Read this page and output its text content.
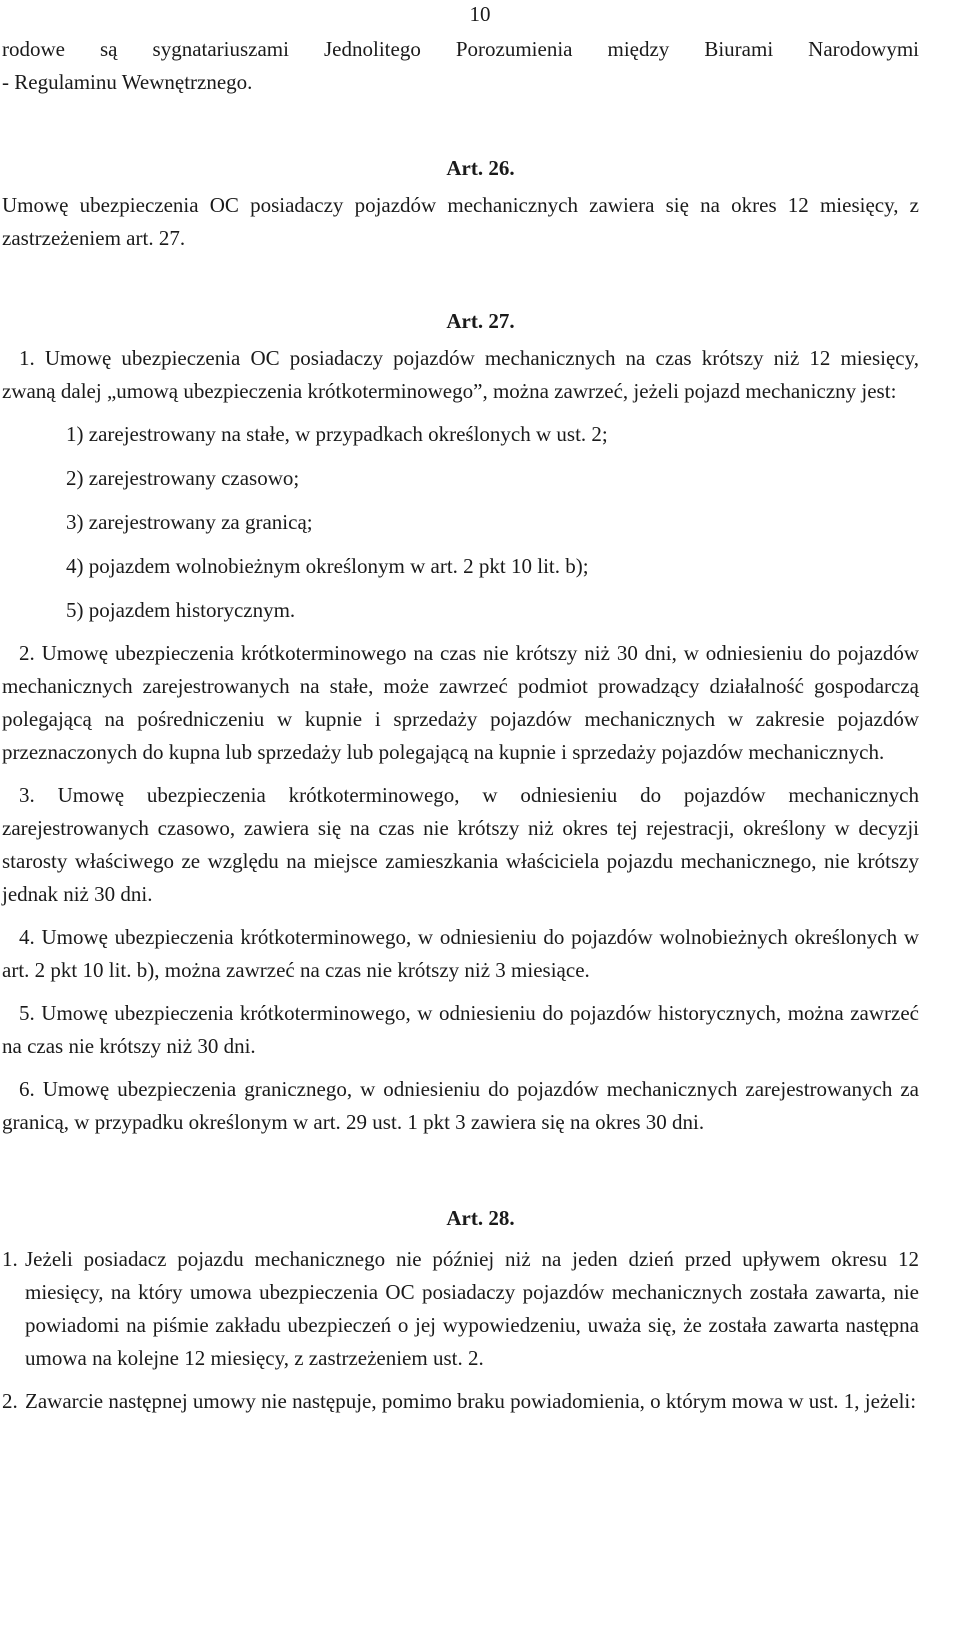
10

rodowe są sygnatariuszami Jednolitego Porozumienia między Biurami Narodowymi

- Regulaminu Wewnętrznego.

Art. 26.

Umowę ubezpieczenia OC posiadaczy pojazdów mechanicznych zawiera się na okres 12 miesięcy, z zastrzeżeniem art. 27.

Art. 27.

1. Umowę ubezpieczenia OC posiadaczy pojazdów mechanicznych na czas krótszy niż 12 miesięcy, zwaną dalej „umową ubezpieczenia krótkoterminowego”, można zawrzeć, jeżeli pojazd mechaniczny jest:

1) zarejestrowany na stałe, w przypadkach określonych w ust. 2;

2) zarejestrowany czasowo;

3) zarejestrowany za granicą;

4) pojazdem wolnobieżnym określonym w art. 2 pkt 10 lit. b);

5) pojazdem historycznym.

2. Umowę ubezpieczenia krótkoterminowego na czas nie krótszy niż 30 dni, w odniesieniu do pojazdów mechanicznych zarejestrowanych na stałe, może zawrzeć podmiot prowadzący działalność gospodarczą polegającą na pośredniczeniu w kupnie i sprzedaży pojazdów mechanicznych w zakresie pojazdów przeznaczonych do kupna lub sprzedaży lub polegającą na kupnie i sprzedaży pojazdów mechanicznych.

3. Umowę ubezpieczenia krótkoterminowego, w odniesieniu do pojazdów mechanicznych zarejestrowanych czasowo, zawiera się na czas nie krótszy niż okres tej rejestracji, określony w decyzji starosty właściwego ze względu na miejsce zamieszkania właściciela pojazdu mechanicznego, nie krótszy jednak niż 30 dni.

4. Umowę ubezpieczenia krótkoterminowego, w odniesieniu do pojazdów wolnobieżnych określonych w art. 2 pkt 10 lit. b), można zawrzeć na czas nie krótszy niż 3 miesiące.

5. Umowę ubezpieczenia krótkoterminowego, w odniesieniu do pojazdów historycznych, można zawrzeć na czas nie krótszy niż 30 dni.

6. Umowę ubezpieczenia granicznego, w odniesieniu do pojazdów mechanicznych zarejestrowanych za granicą, w przypadku określonym w art. 29 ust. 1 pkt 3 zawiera się na okres 30 dni.

Art. 28.

1. Jeżeli posiadacz pojazdu mechanicznego nie później niż na jeden dzień przed upływem okresu 12 miesięcy, na który umowa ubezpieczenia OC posiadaczy pojazdów mechanicznych została zawarta, nie powiadomi na piśmie zakładu ubezpieczeń o jej wypowiedzeniu, uważa się, że została zawarta następna umowa na kolejne 12 miesięcy, z zastrzeżeniem ust. 2.
2. Zawarcie następnej umowy nie następuje, pomimo braku powiadomienia, o którym mowa w ust. 1, jeżeli:
